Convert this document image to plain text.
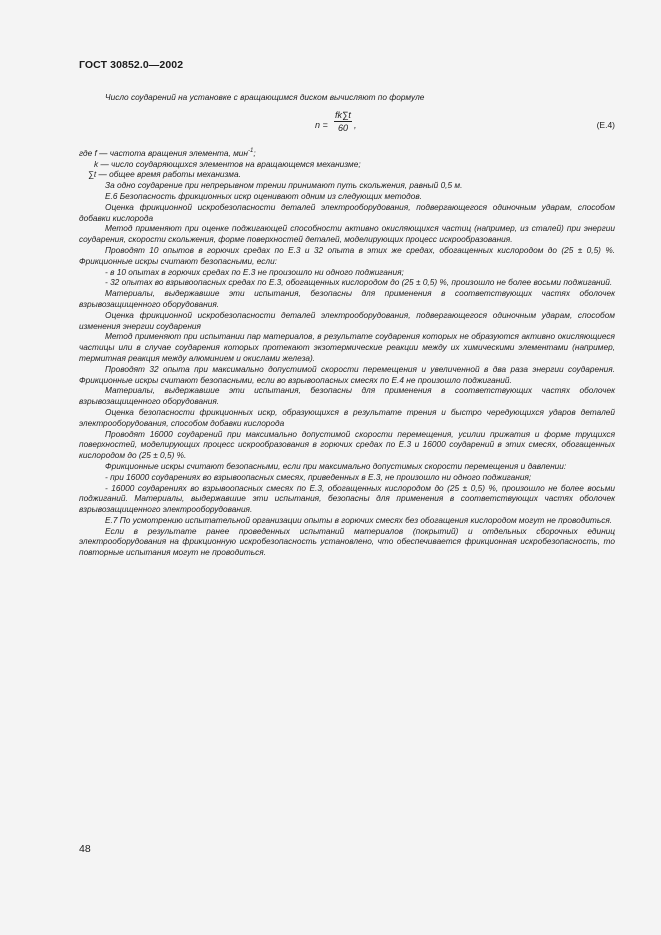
ГОСТ 30852.0—2002

Число соударений на установке с вращающимся диском вычисляют по формуле

$n = \frac{fk\sum t}{60}$ ,	(Е.4)

где f — частота вращения элемента, мин$^{-1}$;

k — число соударяющихся элементов на вращающемся механизме;

∑t — общее время работы механизма.

За одно соударение при непрерывном трении принимают путь скольжения, равный 0,5 м.

Е.6 Безопасность фрикционных искр оценивают одним из следующих методов.

Оценка фрикционной искробезопасности деталей электрооборудования, подвергающегося одиночным ударам, способом добавки кислорода

Метод применяют при оценке поджигающей способности активно окисляющихся частиц (например, из сталей) при энергии соударения, скорости скольжения, форме поверхностей деталей, моделирующих процесс искрообразования.

Проводят 10 опытов в горючих средах по Е.3 и 32 опыта в этих же средах, обогащенных кислородом до (25 ± 0,5) %. Фрикционные искры считают безопасными, если:

- в 10 опытах в горючих средах по Е.3 не произошло ни одного поджигания;

- 32 опытах во взрывоопасных средах по Е.3, обогащенных кислородом до (25 ± 0,5) %, произошло не более восьми поджиганий.

Материалы, выдержавшие эти испытания, безопасны для применения в соответствующих частях оболочек взрывозащищенного оборудования.

Оценка фрикционной искробезопасности деталей электрооборудования, подвергающегося одиночным ударам, способом изменения энергии соударения

Метод применяют при испытании пар материалов, в результате соударения которых не образуются активно окисляющиеся частицы или в случае соударения которых протекают экзотермические реакции между их химическими элементами (например, термитная реакция между алюминием и окислами железа).

Проводят 32 опыта при максимально допустимой скорости перемещения и увеличенной в два раза энергии соударения. Фрикционные искры считают безопасными, если во взрывоопасных смесях по Е.4 не произошло поджиганий.

Материалы, выдержавшие эти испытания, безопасны для применения в соответствующих частях оболочек взрывозащищенного оборудования.

Оценка безопасности фрикционных искр, образующихся в результате трения и быстро чередующихся ударов деталей электрооборудования, способом добавки кислорода

Проводят 16000 соударений при максимально допустимой скорости перемещения, усилии прижатия и форме трущихся поверхностей, моделирующих процесс искрообразования в горючих средах по Е.3 и 16000 соударений в этих смесях, обогащенных кислородом до (25 ± 0,5) %.

Фрикционные искры считают безопасными, если при максимально допустимых скорости перемещения и давлении:

- при 16000 соударениях во взрывоопасных смесях, приведенных в Е.3, не произошло ни одного поджигания;

- 16000 соударениях во взрывоопасных смесях по Е.3, обогащенных кислородом до (25 ± 0,5) %, произошло не более восьми поджиганий. Материалы, выдержавшие эти испытания, безопасны для применения в соответствующих частях оболочек взрывозащищенного электрооборудования.

Е.7 По усмотрению испытательной организации опыты в горючих смесях без обогащения кислородом могут не проводиться.

Если в результате ранее проведенных испытаний материалов (покрытий) и отдельных сборочных единиц электрооборудования на фрикционную искробезопасность установлено, что обеспечивается фрикционная искробезопасность, то повторные испытания могут не проводиться.

48
